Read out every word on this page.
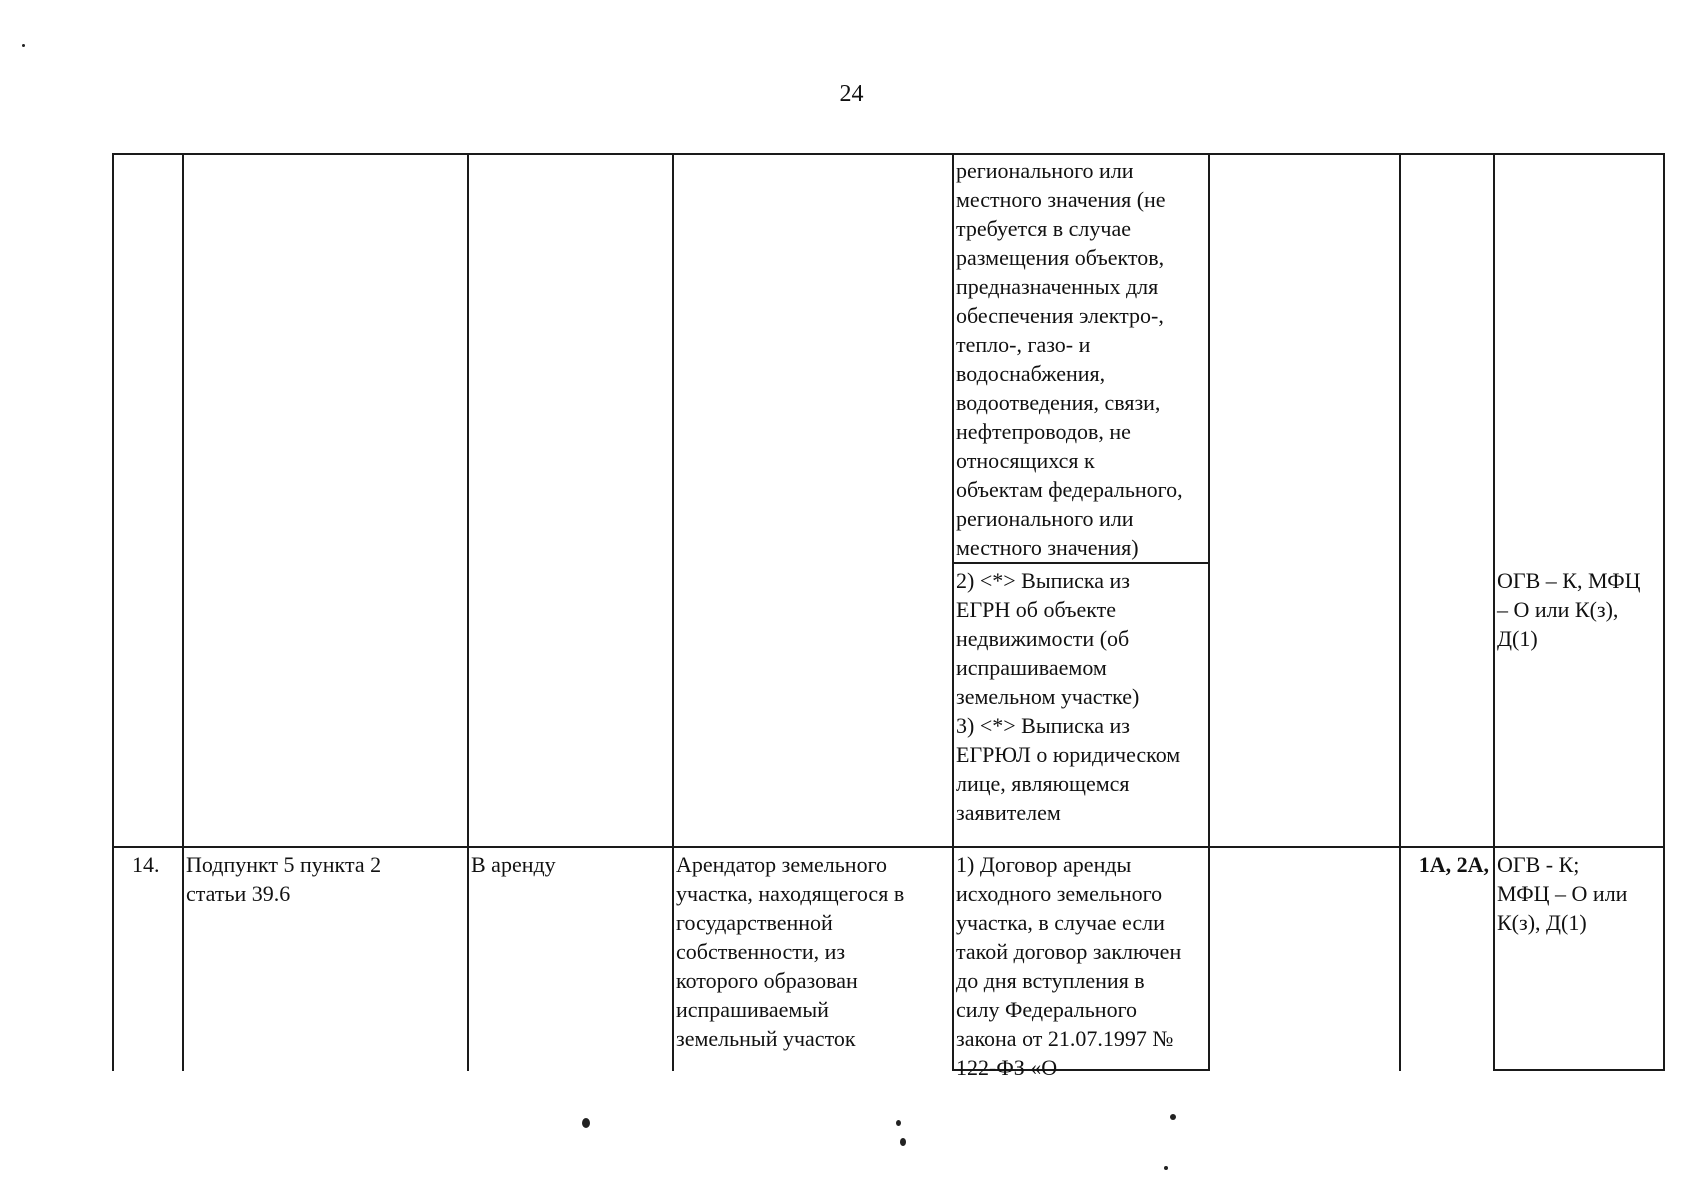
24
регионального или
местного значения (не
требуется в случае
размещения объектов,
предназначенных для
обеспечения электро-,
тепло-, газо- и
водоснабжения,
водоотведения, связи,
нефтепроводов, не
относящихся к
объектам федерального,
регионального или
местного значения)
2) <*> Выписка из
ЕГРН об объекте
недвижимости (об
испрашиваемом
земельном участке)
3) <*> Выписка из
ЕГРЮЛ о юридическом
лице, являющемся
заявителем
ОГВ – К, МФЦ
– О или К(з),
Д(1)
14.	Подпункт 5 пункта 2
статьи 39.6
В аренду	Арендатор земельного
участка, находящегося в
государственной
собственности, из
которого образован
испрашиваемый
земельный участок
1) Договор аренды
исходного земельного
участка, в случае если
такой договор заключен
до дня вступления в
силу Федерального
закона от 21.07.1997 №
122-ФЗ «О
1А, 2А, ОГВ - К;
МФЦ – О или
К(з), Д(1)
